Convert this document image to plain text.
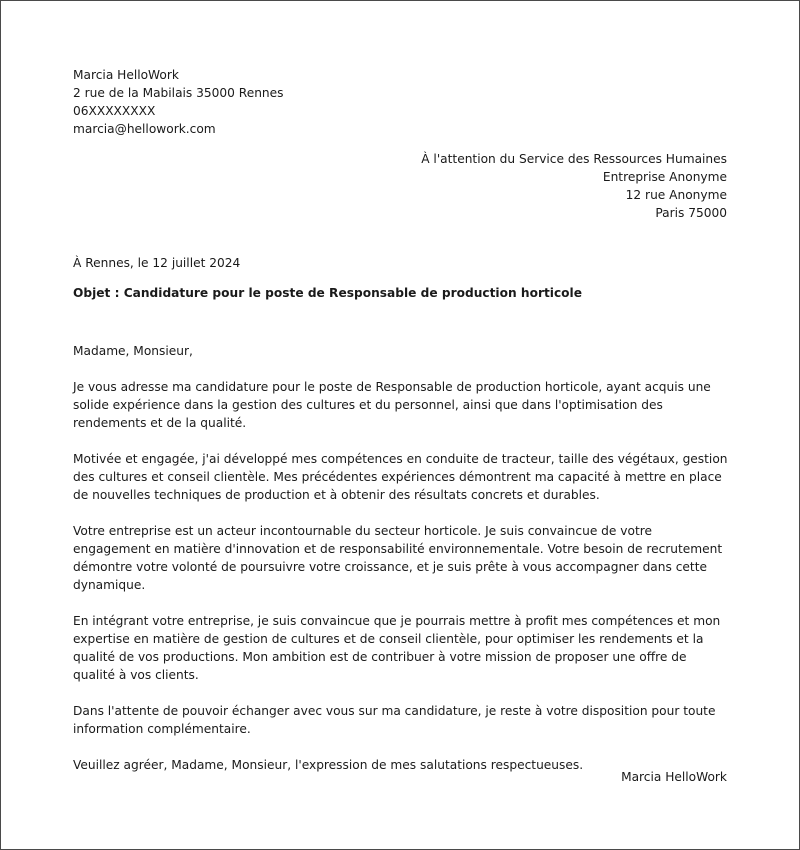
Marcia HelloWork
2 rue de la Mabilais 35000 Rennes
06XXXXXXXX
marcia@hellowork.com
À l'attention du Service des Ressources Humaines
Entreprise Anonyme
12 rue Anonyme
Paris 75000
À Rennes, le 12 juillet 2024
Objet : Candidature pour le poste de Responsable de production horticole

Madame, Monsieur,

Je vous adresse ma candidature pour le poste de Responsable de production horticole, ayant acquis une solide expérience dans la gestion des cultures et du personnel, ainsi que dans l'optimisation des rendements et de la qualité.

Motivée et engagée, j'ai développé mes compétences en conduite de tracteur, taille des végétaux, gestion des cultures et conseil clientèle. Mes précédentes expériences démontrent ma capacité à mettre en place de nouvelles techniques de production et à obtenir des résultats concrets et durables.

Votre entreprise est un acteur incontournable du secteur horticole. Je suis convaincue de votre engagement en matière d'innovation et de responsabilité environnementale. Votre besoin de recrutement démontre votre volonté de poursuivre votre croissance, et je suis prête à vous accompagner dans cette dynamique.

En intégrant votre entreprise, je suis convaincue que je pourrais mettre à profit mes compétences et mon expertise en matière de gestion de cultures et de conseil clientèle, pour optimiser les rendements et la qualité de vos productions. Mon ambition est de contribuer à votre mission de proposer une offre de qualité à vos clients.

Dans l'attente de pouvoir échanger avec vous sur ma candidature, je reste à votre disposition pour toute information complémentaire.

Veuillez agréer, Madame, Monsieur, l'expression de mes salutations respectueuses.

Marcia HelloWork
